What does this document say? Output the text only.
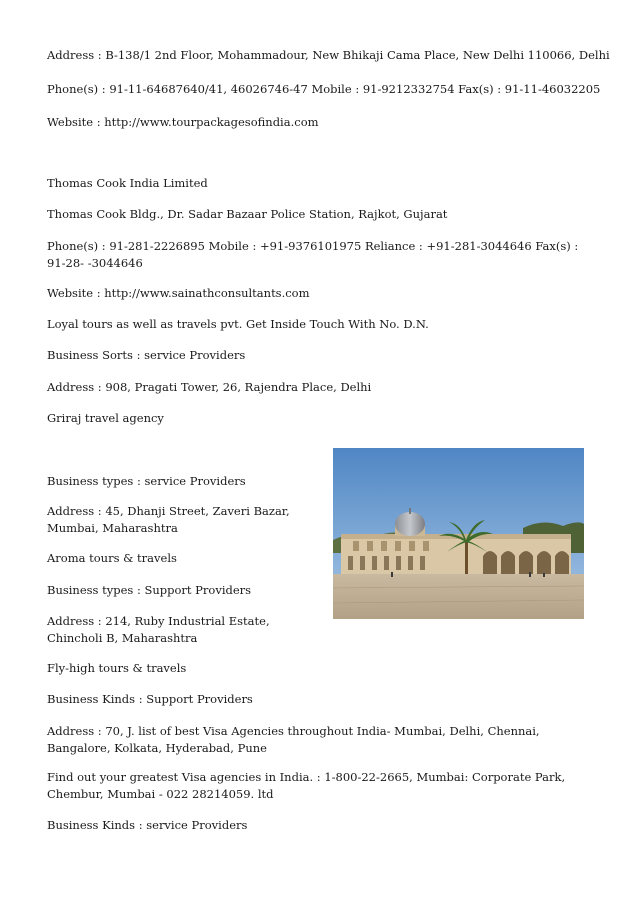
Address : B-138/1 2nd Floor, Mohammadour, New Bhikaji Cama Place, New Delhi 110066, Delhi

Phone(s) : 91-11-64687640/41, 46026746-47 Mobile : 91-9212332754 Fax(s) : 91-11-46032205

Website : http://www.tourpackagesofindia.com

Thomas Cook India Limited

Thomas Cook Bldg., Dr. Sadar Bazaar Police Station, Rajkot, Gujarat

Phone(s) : 91-281-2226895 Mobile : +91-9376101975 Reliance : +91-281-3044646 Fax(s) : 91-28- -3044646

Website : http://www.sainathconsultants.com

Loyal tours as well as travels pvt. Get Inside Touch With No. D.N.

Business Sorts : service Providers

Address : 908, Pragati Tower, 26, Rajendra Place, Delhi

Griraj travel agency

Business types : service Providers

Address : 45, Dhanji Street, Zaveri Bazar, Mumbai, Maharashtra

Aroma tours & travels

Business types : Support Providers

Address : 214, Ruby Industrial Estate, Chincholi B, Maharashtra

Fly-high tours & travels

Business Kinds : Support Providers

Address : 70, J. list of best Visa Agencies throughout India- Mumbai, Delhi, Chennai, Bangalore, Kolkata, Hyderabad, Pune

Find out your greatest Visa agencies in India. : 1-800-22-2665, Mumbai: Corporate Park, Chembur, Mumbai - 022 28214059. ltd

Business Kinds : service Providers
